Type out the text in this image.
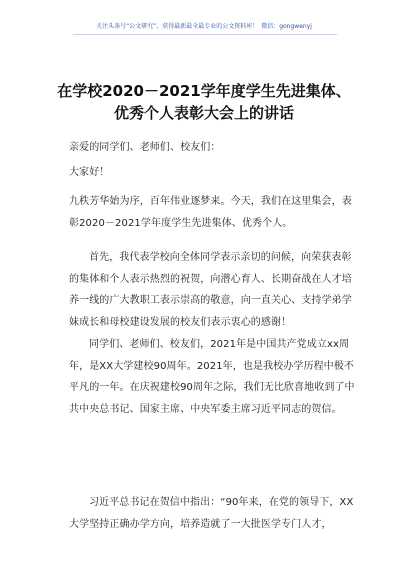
关注头条号“公文研究”，获得最新最全最专业的公文资料库！ 微信：gongwenyj
在学校2020－2021学年度学生先进集体、
优秀个人表彰大会上的讲话

亲爱的同学们、老师们、校友们：

大家好！

九秩芳华始为序，百年伟业逐梦来。今天，我们在这里集会，表彰2020－2021学年度学生先进集体、优秀个人。

首先，我代表学校向全体同学表示亲切的问候，向荣获表彰的集体和个人表示热烈的祝贺，向潜心育人、长期奋战在人才培养一线的广大教职工表示崇高的敬意，向一直关心、支持学弟学妹成长和母校建设发展的校友们表示衷心的感谢！

同学们、老师们、校友们，2021年是中国共产党成立xx周年，是XX大学建校90周年。2021年，也是我校办学历程中极不平凡的一年。在庆祝建校90周年之际，我们无比欣喜地收到了中共中央总书记、国家主席、中央军委主席习近平同志的贺信。

习近平总书记在贺信中指出：“90年来，在党的领导下，XX大学坚持正确办学方向，培养造就了一大批医学专门人才，
